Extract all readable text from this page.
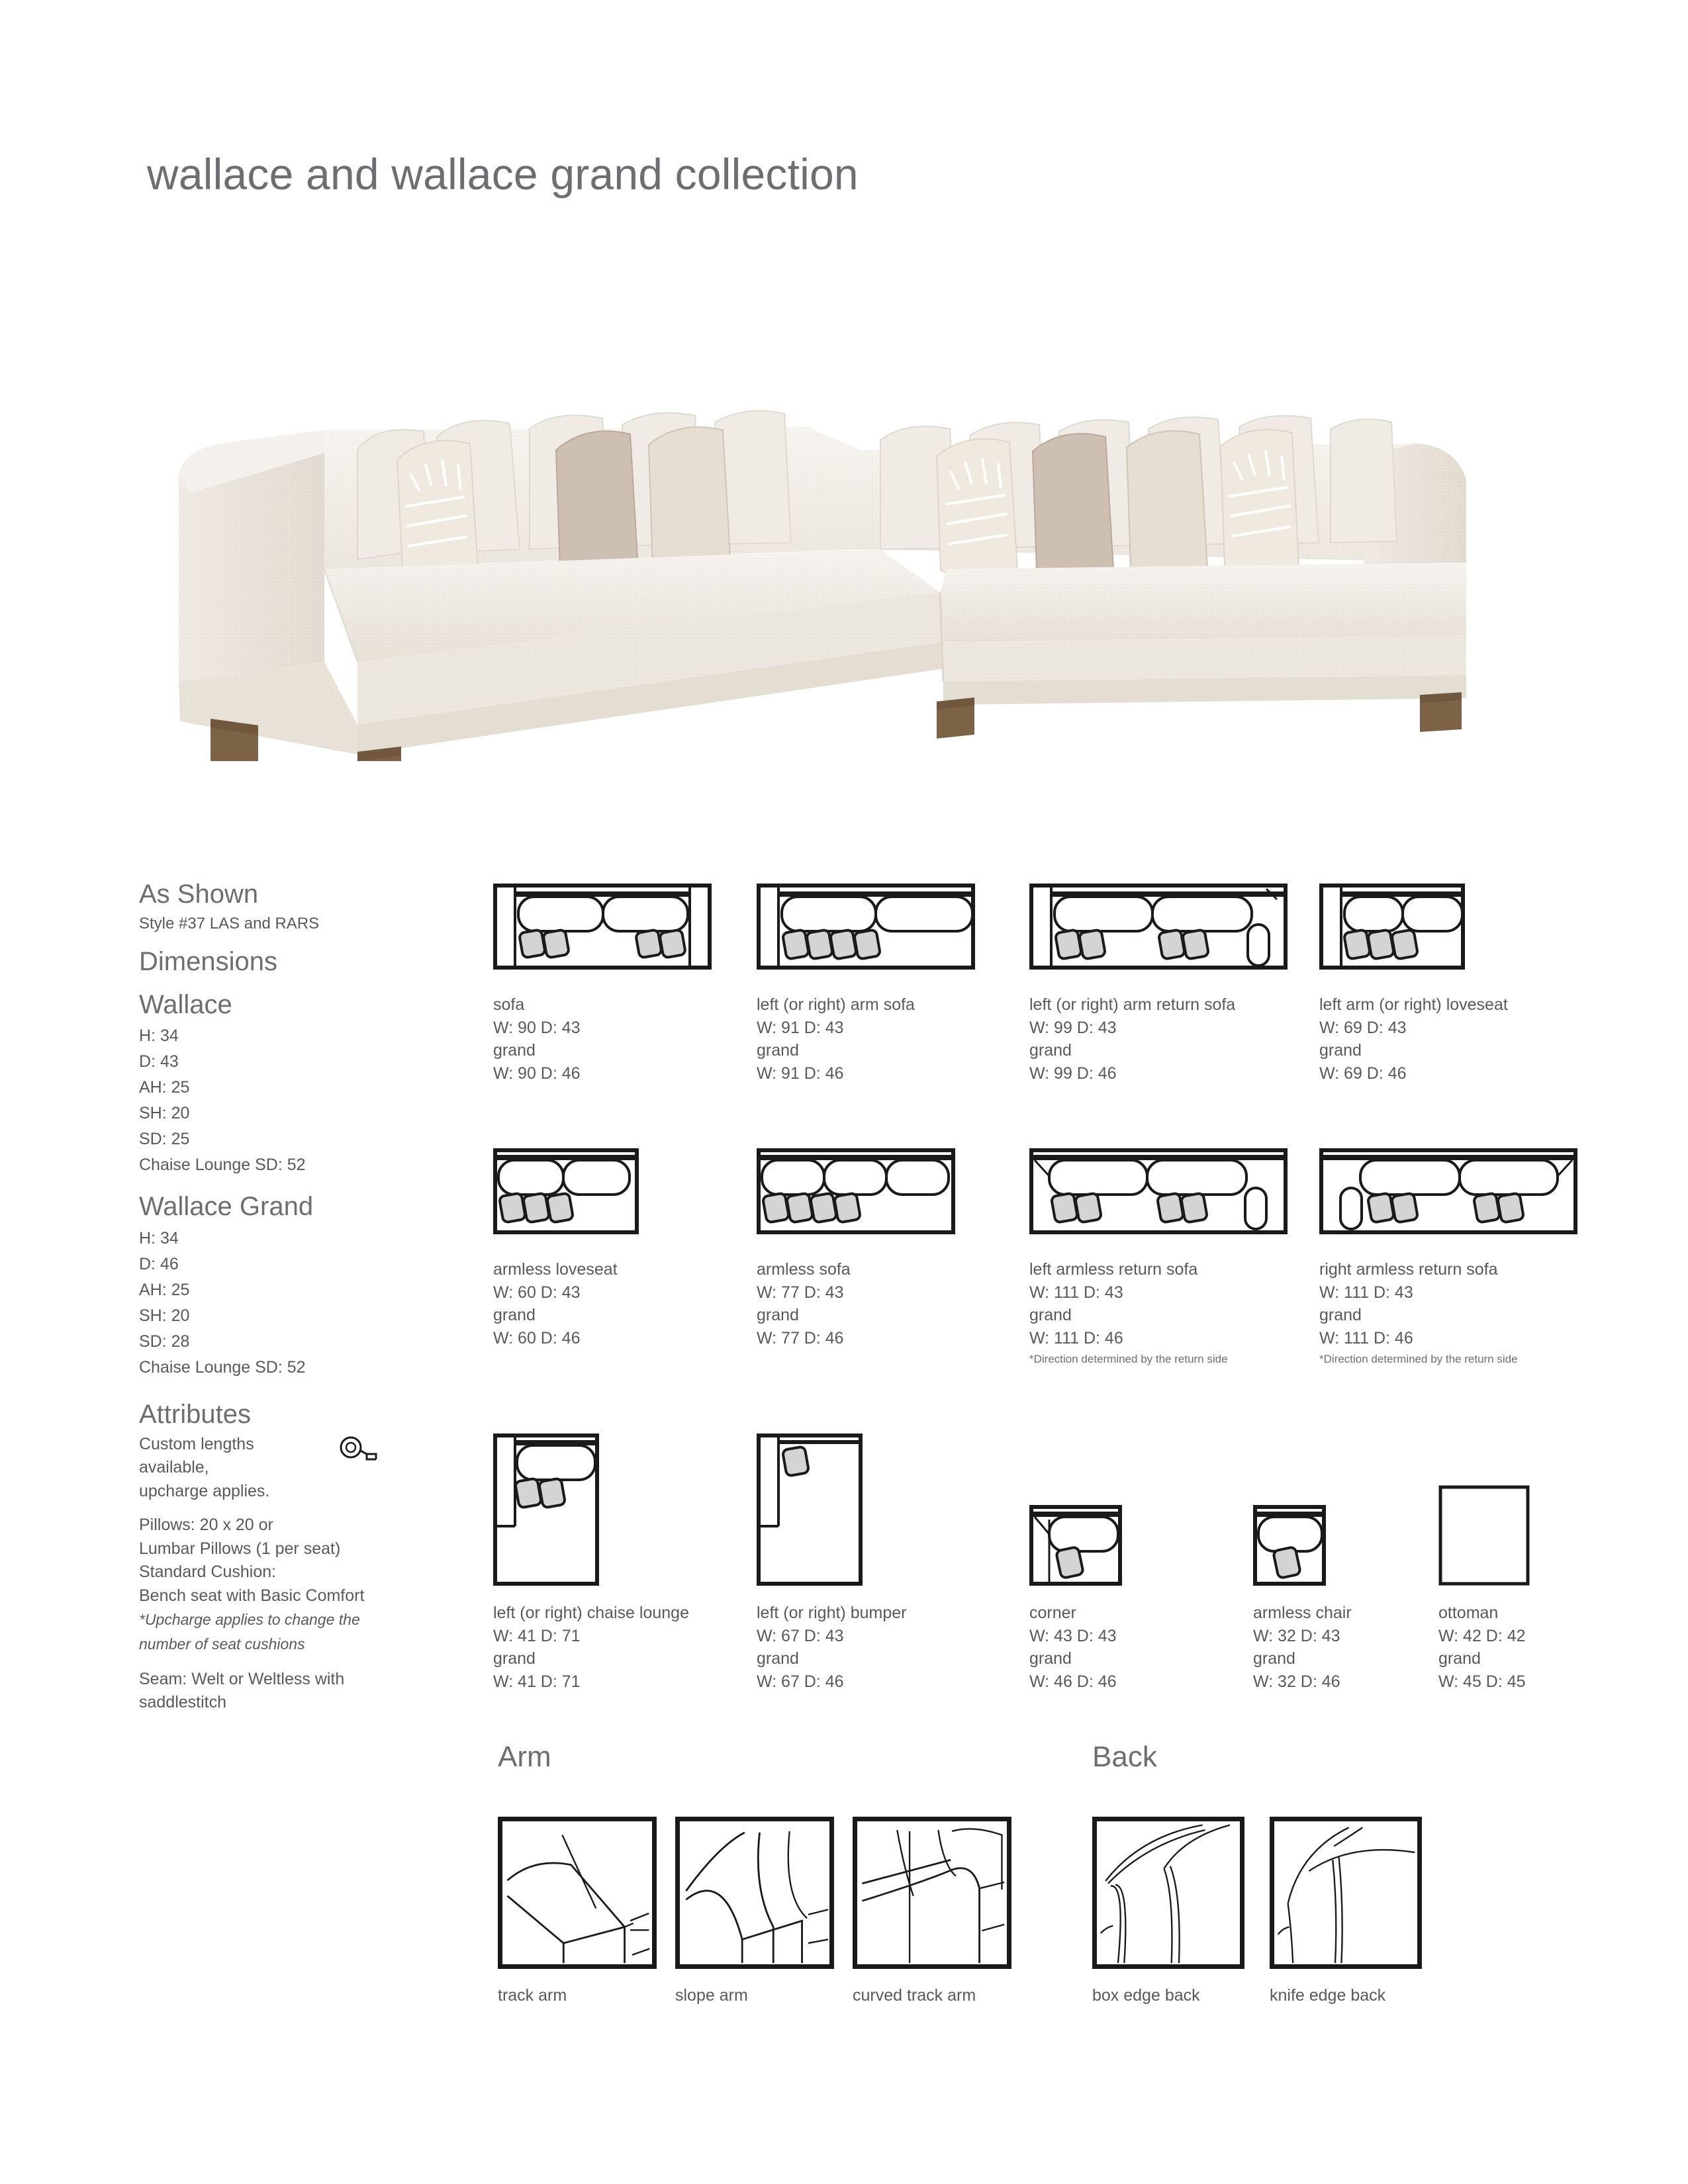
wallace and wallace grand collection
As Shown
Style #37 LAS and RARS
Dimensions
Wallace
H: 34
D: 43
AH: 25
SH: 20
SD: 25
Chaise Lounge SD: 52
Wallace Grand
H: 34
D: 46
AH: 25
SH: 20
SD: 28
Chaise Lounge SD: 52
Attributes
Custom lengths
available,
upcharge applies.
Pillows: 20 x 20 or
Lumbar Pillows (1 per seat)
Standard Cushion:
Bench seat with Basic Comfort
*Upcharge applies to change the
number of seat cushions
Seam: Welt or Weltless with
saddlestitch
sofa
W: 90 D: 43
grand
W: 90 D: 46
left (or right) arm sofa
W: 91 D: 43
grand
W: 91 D: 46
left (or right) arm return sofa
W: 99 D: 43
grand
W: 99 D: 46
left arm (or right) loveseat
W: 69 D: 43
grand
W: 69 D: 46
armless loveseat
W: 60 D: 43
grand
W: 60 D: 46
armless sofa
W: 77 D: 43
grand
W: 77 D: 46
left armless return sofa
W: 111 D: 43
grand
W: 111 D: 46
*Direction determined by the return side
right armless return sofa
W: 111 D: 43
grand
W: 111 D: 46
*Direction determined by the return side
left (or right) chaise lounge
W: 41 D: 71
grand
W: 41 D: 71
left (or right) bumper
W: 67 D: 43
grand
W: 67 D: 46
corner
W: 43 D: 43
grand
W: 46 D: 46
armless chair
W: 32 D: 43
grand
W: 32 D: 46
ottoman
W: 42 D: 42
grand
W: 45 D: 45
Arm
track arm	slope arm	curved track arm
Back
box edge back	knife edge back
